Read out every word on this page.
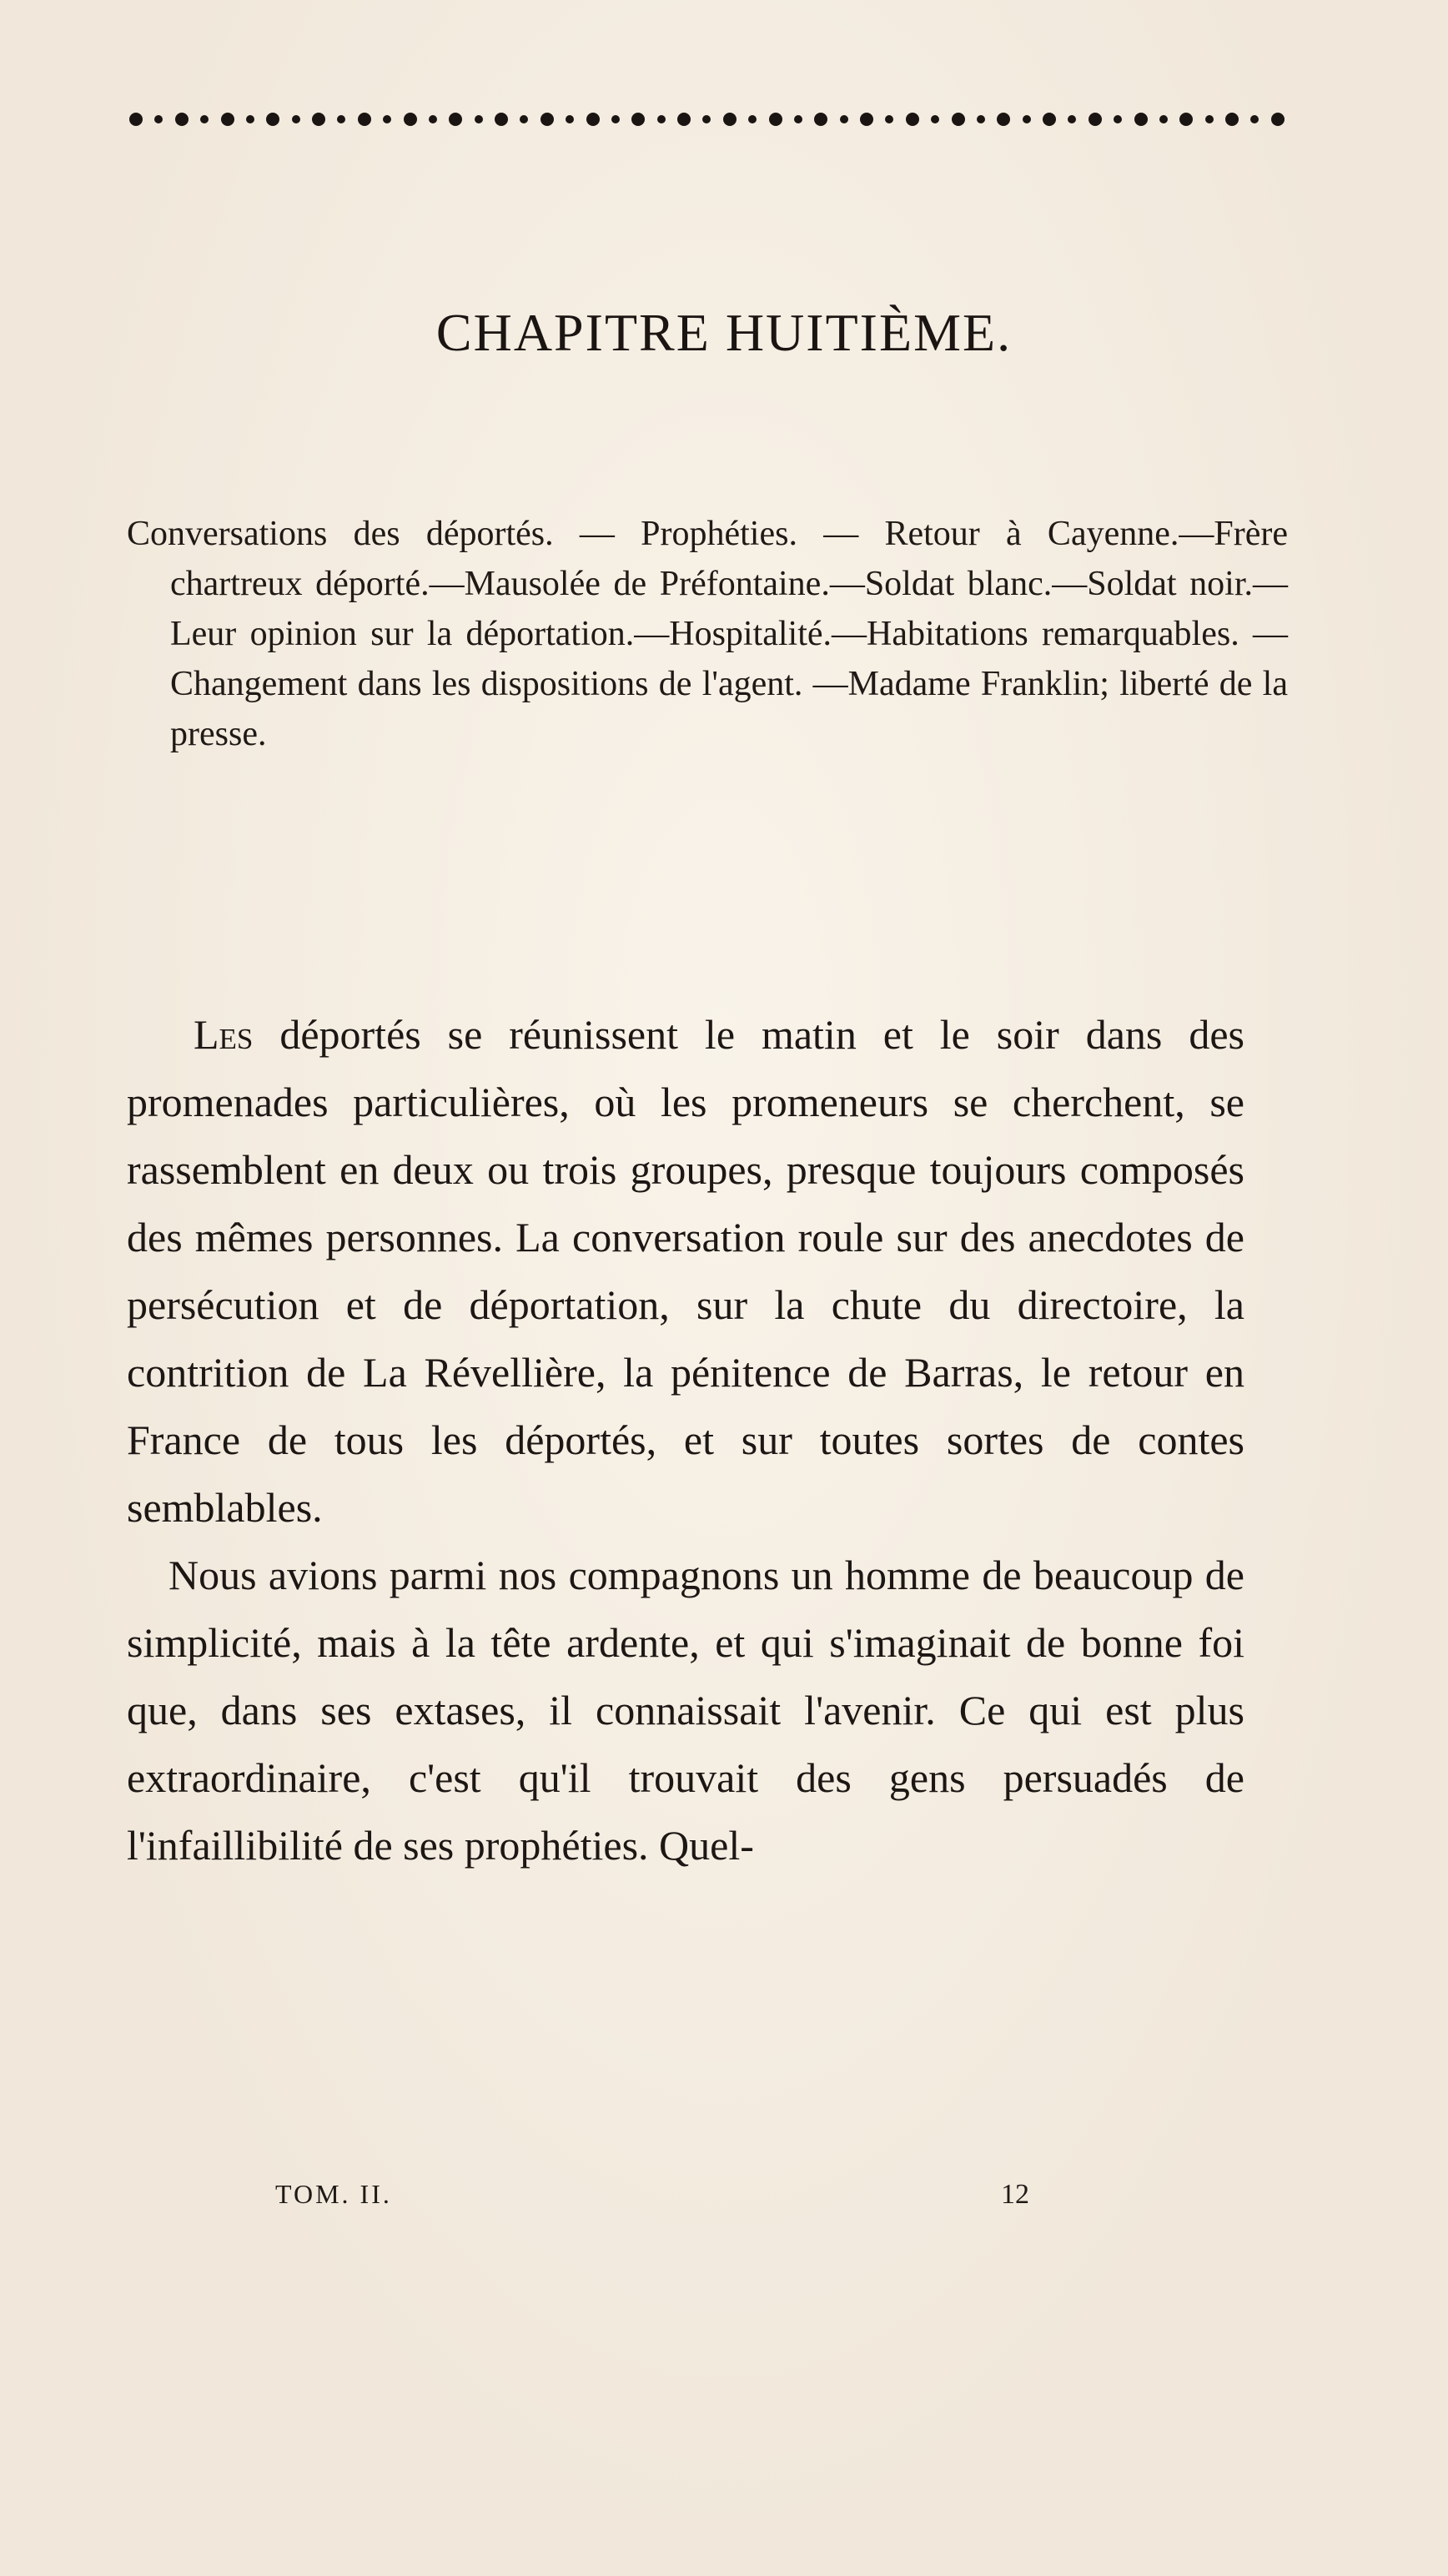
CHAPITRE HUITIÈME.
Conversations des déportés. — Prophéties. — Retour à Cayenne.—Frère chartreux déporté.—Mausolée de Préfontaine.—Soldat blanc.—Soldat noir.—Leur opinion sur la déportation.—Hospitalité.—Habitations remarquables. —Changement dans les dispositions de l'agent. —Madame Franklin; liberté de la presse.

Les déportés se réunissent le matin et le soir dans des promenades particulières, où les promeneurs se cherchent, se rassemblent en deux ou trois groupes, presque toujours composés des mêmes personnes. La conversation roule sur des anecdotes de persécution et de déportation, sur la chute du directoire, la contrition de La Révellière, la pénitence de Barras, le retour en France de tous les déportés, et sur toutes sortes de contes semblables.

Nous avions parmi nos compagnons un homme de beaucoup de simplicité, mais à la tête ardente, et qui s'imaginait de bonne foi que, dans ses extases, il connaissait l'avenir. Ce qui est plus extraordinaire, c'est qu'il trouvait des gens persuadés de l'infaillibilité de ses prophéties. Quel-

TOM. II.	12
